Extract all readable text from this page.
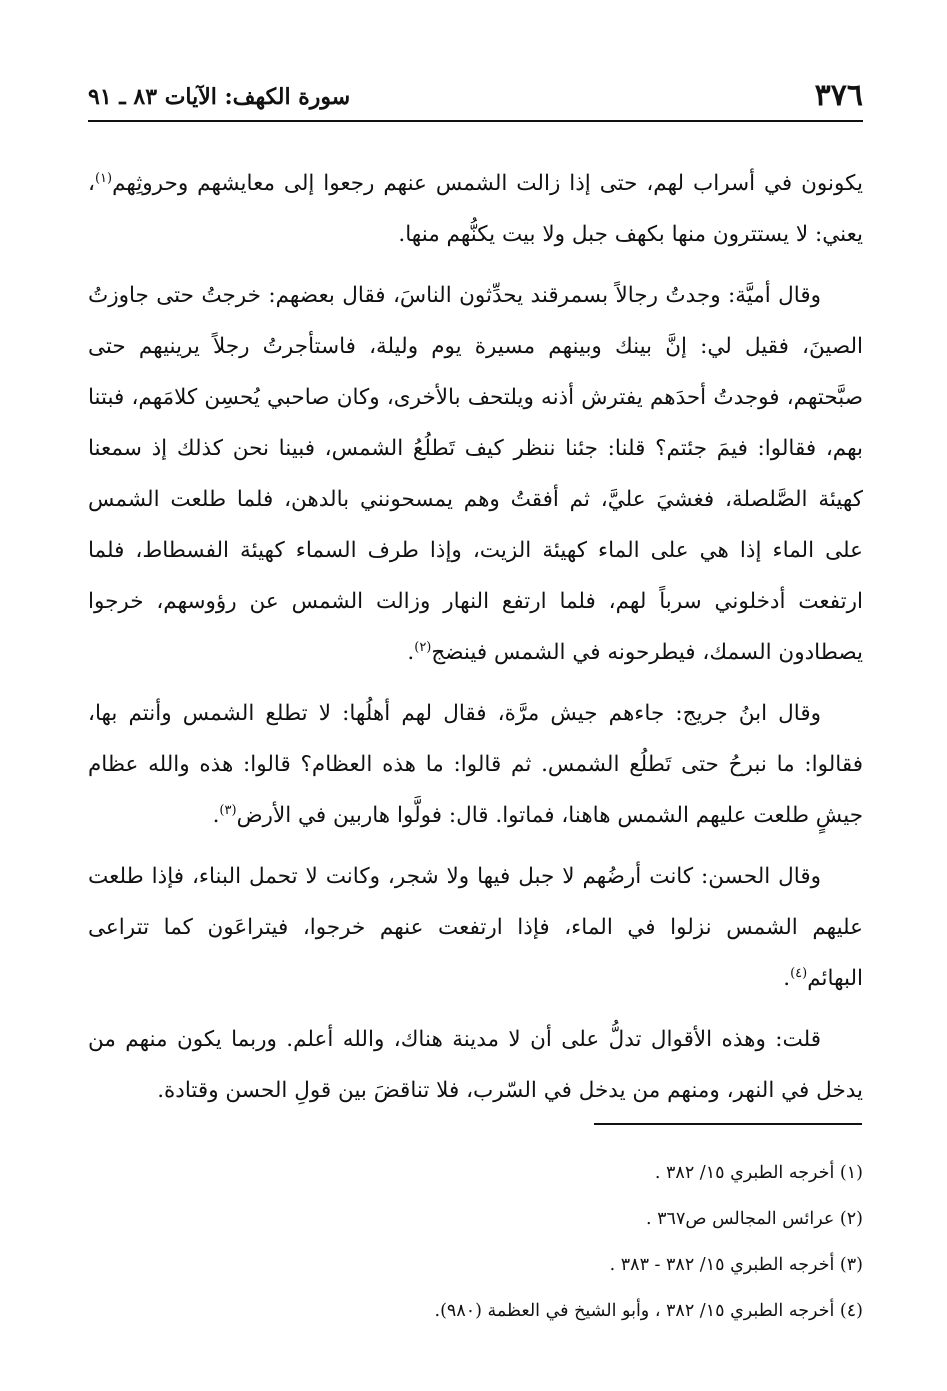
٣٧٦
سورة الكهف: الآيات ٨٣ ـ ٩١

يكونون في أسراب لهم، حتى إذا زالت الشمس عنهم رجعوا إلى معايشهم وحروثِهم$^{(١)}$، يعني: لا يستترون منها بكهف جبل ولا بيت يكنُّهم منها.

وقال أميَّة: وجدتُ رجالاً بسمرقند يحدِّثون الناسَ، فقال بعضهم: خرجتُ حتى جاوزتُ الصينَ، فقيل لي: إنَّ بينك وبينهم مسيرة يوم وليلة، فاستأجرتُ رجلاً يرينيهم حتى صبَّحتهم، فوجدتُ أحدَهم يفترش أذنه ويلتحف بالأخرى، وكان صاحبي يُحسِن كلامَهم، فبتنا بهم، فقالوا: فيمَ جئتم؟ قلنا: جئنا ننظر كيف تَطلُعُ الشمس، فبينا نحن كذلك إذ سمعنا كهيئة الصَّلصلة، فغشيَ عليَّ، ثم أفقتُ وهم يمسحونني بالدهن، فلما طلعت الشمس على الماء إذا هي على الماء كهيئة الزيت، وإذا طرف السماء كهيئة الفسطاط، فلما ارتفعت أدخلوني سرباً لهم، فلما ارتفع النهار وزالت الشمس عن رؤوسهم، خرجوا يصطادون السمك، فيطرحونه في الشمس فينضج$^{(٢)}$.

وقال ابنُ جريج: جاءهم جيش مرَّة، فقال لهم أهلُها: لا تطلع الشمس وأنتم بها، فقالوا: ما نبرحُ حتى تَطلُع الشمس. ثم قالوا: ما هذه العظام؟ قالوا: هذه والله عظام جيشٍ طلعت عليهم الشمس هاهنا، فماتوا. قال: فولَّوا هاربين في الأرض$^{(٣)}$.

وقال الحسن: كانت أرضُهم لا جبل فيها ولا شجر، وكانت لا تحمل البناء، فإذا طلعت عليهم الشمس نزلوا في الماء، فإذا ارتفعت عنهم خرجوا، فيتراعَون كما تتراعى البهائم$^{(٤)}$.

قلت: وهذه الأقوال تدلُّ على أن لا مدينة هناك، والله أعلم. وربما يكون منهم من يدخل في النهر، ومنهم من يدخل في السّرب، فلا تناقضَ بين قولِ الحسن وقتادة.

(١) أخرجه الطبري ١٥/ ٣٨٢ .
(٢) عرائس المجالس ص٣٦٧ .
(٣) أخرجه الطبري ١٥/ ٣٨٢ - ٣٨٣ .
(٤) أخرجه الطبري ١٥/ ٣٨٢ ، وأبو الشيخ في العظمة (٩٨٠).
